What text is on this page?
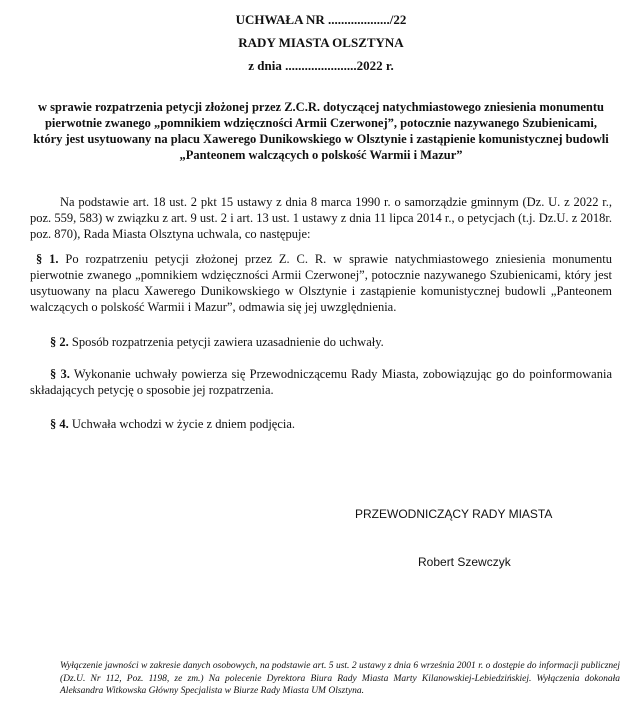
UCHWAŁA NR .................../22
RADY MIASTA OLSZTYNA
z dnia ......................2022 r.
w sprawie rozpatrzenia petycji złożonej przez Z.C.R. dotyczącej natychmiastowego zniesienia monumentu pierwotnie zwanego „pomnikiem wdzięczności Armii Czerwonej”, potocznie nazywanego Szubienicami, który jest usytuowany na placu Xawerego Dunikowskiego w Olsztynie i zastąpienie komunistycznej budowli „Panteonem walczących o polskość Warmii i Mazur”
Na podstawie art. 18 ust. 2 pkt 15 ustawy z dnia 8 marca 1990 r. o samorządzie gminnym (Dz. U. z 2022 r., poz. 559, 583) w związku z art. 9 ust. 2 i art. 13 ust. 1 ustawy z dnia 11 lipca 2014 r., o petycjach (t.j. Dz.U. z 2018r. poz. 870), Rada Miasta Olsztyna uchwala, co następuje:
§ 1. Po rozpatrzeniu petycji złożonej przez Z. C. R. w sprawie natychmiastowego zniesienia monumentu pierwotnie zwanego „pomnikiem wdzięczności Armii Czerwonej”, potocznie nazywanego Szubienicami, który jest usytuowany na placu Xawerego Dunikowskiego w Olsztynie i zastąpienie komunistycznej budowli „Panteonem walczących o polskość Warmii i Mazur”, odmawia się jej uwzględnienia.
§ 2. Sposób rozpatrzenia petycji zawiera uzasadnienie do uchwały.
§ 3. Wykonanie uchwały powierza się Przewodniczącemu Rady Miasta, zobowiązując go do poinformowania składających petycję o sposobie jej rozpatrzenia.
§ 4. Uchwała wchodzi w życie z dniem podjęcia.
PRZEWODNICZĄCY RADY MIASTA
Robert Szewczyk
Wyłączenie jawności w zakresie danych osobowych, na podstawie art. 5 ust. 2 ustawy z dnia 6 września 2001 r. o dostępie do informacji publicznej (Dz.U. Nr 112, Poz. 1198, ze zm.) Na polecenie Dyrektora Biura Rady Miasta Marty Kilanowskiej-Lebiedzińskiej. Wyłączenia dokonała Aleksandra Witkowska Główny Specjalista w Biurze Rady Miasta UM Olsztyna.
